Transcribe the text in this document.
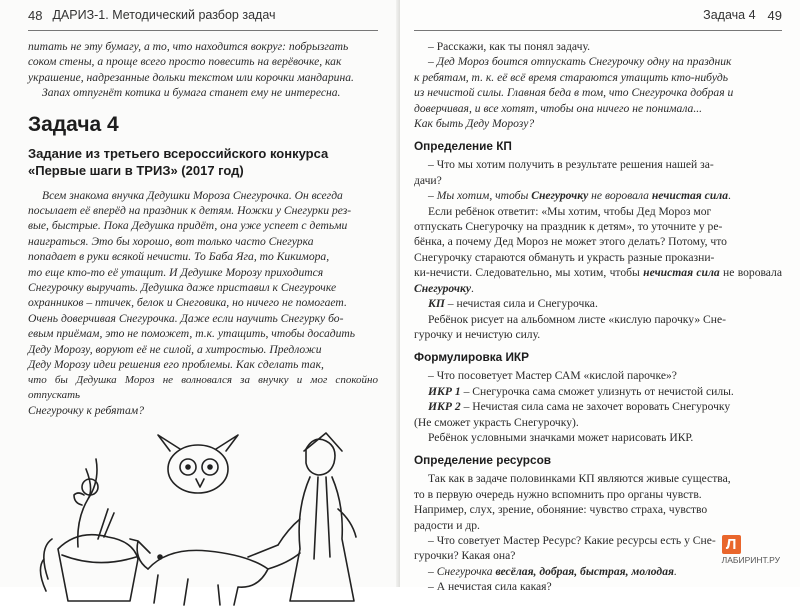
48 ДАРИЗ-1. Методический разбор задач

питать не эту бумагу, а то, что находится вокруг: побрызгать

соком стены, а проще всего просто повесить на верёвочке, как

украшение, надрезанные дольки текстом или корочки мандарина.

Запах отпугнёт котика и бумага станет ему не интересна.

Задача 4
Задание из третьего всероссийского конкурса
«Первые шаги в ТРИЗ» (2017 год)

Всем знакома внучка Дедушки Мороза Снегурочка. Он всегда

посылает её вперёд на праздник к детям. Ножки у Снегурки рез-

вые, быстрые. Пока Дедушка придёт, она уже успеет с детьми

наиграться. Это бы хорошо, вот только часто Снегурка

попадает в руки всякой нечисти. То Баба Яга, то Кикимора,

то еще кто-то её утащит. И Дедушке Морозу приходится

Снегурочку выручать. Дедушка даже приставил к Снегурочке

охранников – птичек, белок и Снеговика, но ничего не помогает.

Очень доверчивая Снегурочка. Даже если научить Снегурку бо-

евым приёмам, это не поможет, т.к. утащить, чтобы досадить

Деду Морозу, воруют её не силой, а хитростью. Предложи

Деду Морозу идеи решения его проблемы. Как сделать так,

что бы Дедушка Мороз не волновался за внучку и мог спокойно отпускать

Снегурочку к ребятам?

Задача 4 49

– Расскажи, как ты понял задачу.

– Дед Мороз боится отпускать Снегурочку одну на праздник

к ребятам, т. к. её всё время стараются утащить кто-нибудь

из нечистой силы. Главная беда в том, что Снегурочка добрая и

доверчивая, и все хотят, чтобы она ничего не понимала...

Как быть Деду Морозу?

Определение КП

– Что мы хотим получить в результате решения нашей за-

дачи?

– Мы хотим, чтобы Снегурочку не воровала нечистая сила.

Если ребёнок ответит: «Мы хотим, чтобы Дед Мороз мог

отпускать Снегурочку на праздник к детям», то уточните у ре-

бёнка, а почему Дед Мороз не может этого делать? Потому, что

Снегурочку стараются обмануть и украсть разные проказни-

ки-нечисти. Следовательно, мы хотим, чтобы нечистая сила не воровала Снегурочку.

КП – нечистая сила и Снегурочка.

Ребёнок рисует на альбомном листе «кислую парочку» Сне-

гурочку и нечистую силу.

Формулировка ИКР

– Что посоветует Мастер САМ «кислой парочке»?

ИКР 1 – Снегурочка сама сможет улизнуть от нечистой силы.

ИКР 2 – Нечистая сила сама не захочет воровать Снегурочку

(Не сможет украсть Снегурочку).

Ребёнок условными значками может нарисовать ИКР.

Определение ресурсов

Так как в задаче половинками КП являются живые существа,

то в первую очередь нужно вспомнить про органы чувств.

Например, слух, зрение, обоняние: чувство страха, чувство

радости и др.

– Что советует Мастер Ресурс? Какие ресурсы есть у Сне-

гурочки? Какая она?

– Снегурочка весёлая, добрая, быстрая, молодая.

– А нечистая сила какая?

Л
ЛАБИРИНТ.РУ
